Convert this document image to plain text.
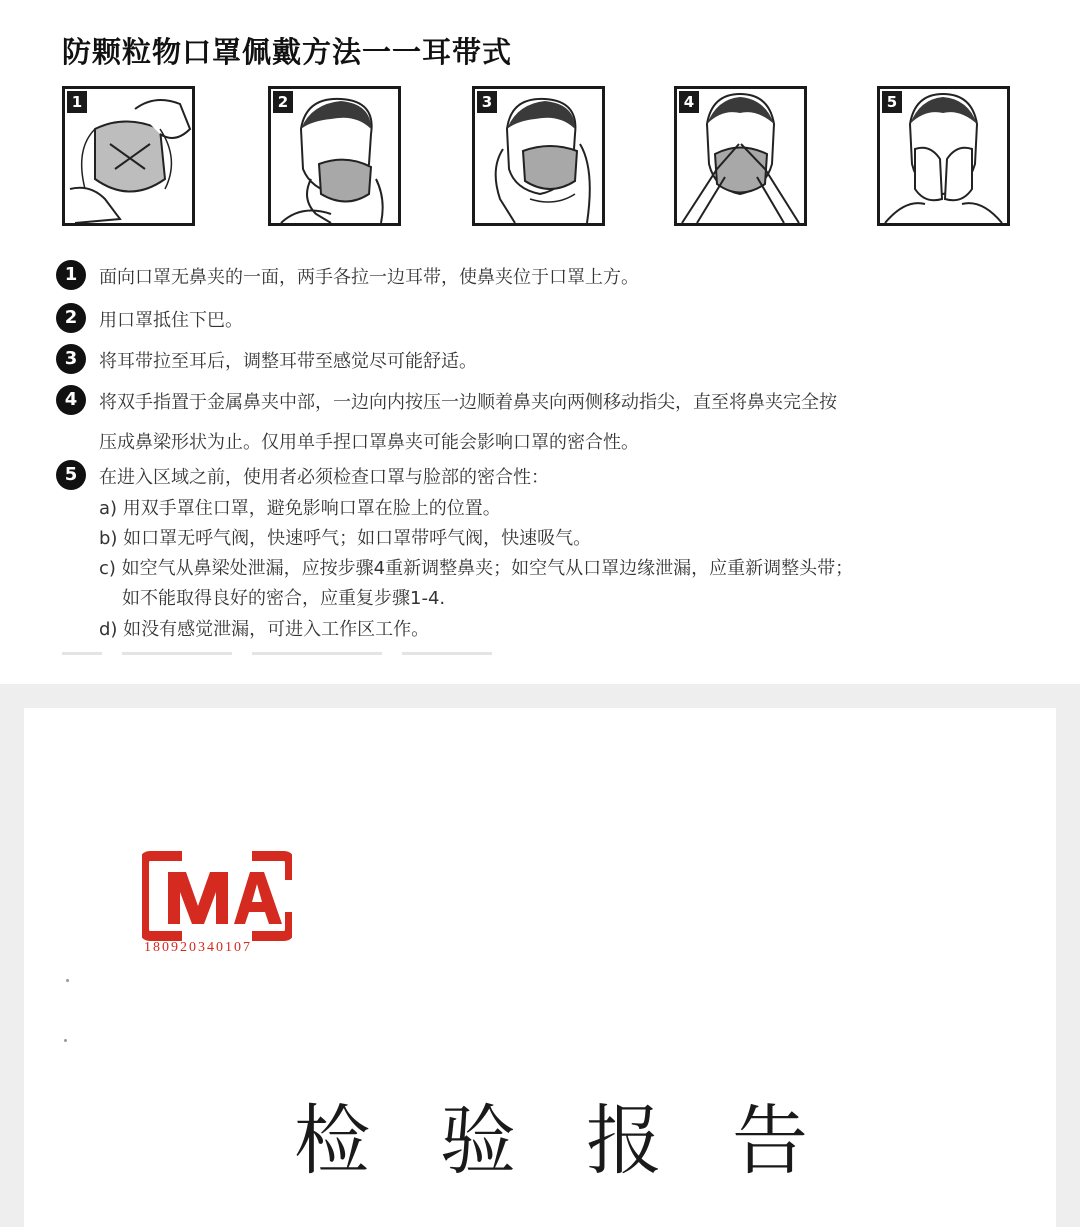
防颗粒物口罩佩戴方法一一耳带式
1	2	3	4	5
1	面向口罩无鼻夹的一面，两手各拉一边耳带，使鼻夹位于口罩上方。
2	用口罩抵住下巴。
3	将耳带拉至耳后，调整耳带至感觉尽可能舒适。
4	将双手指置于金属鼻夹中部，一边向内按压一边顺着鼻夹向两侧移动指尖，直至将鼻夹完全按
压成鼻梁形状为止。仅用单手捏口罩鼻夹可能会影响口罩的密合性。
5	在进入区域之前，使用者必须检查口罩与脸部的密合性：
a) 用双手罩住口罩，避免影响口罩在脸上的位置。
b) 如口罩无呼气阀，快速呼气；如口罩带呼气阀，快速吸气。
c) 如空气从鼻梁处泄漏，应按步骤4重新调整鼻夹；如空气从口罩边缘泄漏，应重新调整头带；
如不能取得良好的密合，应重复步骤1-4.
d) 如没有感觉泄漏，可进入工作区工作。
180920340107
检 验 报 告
